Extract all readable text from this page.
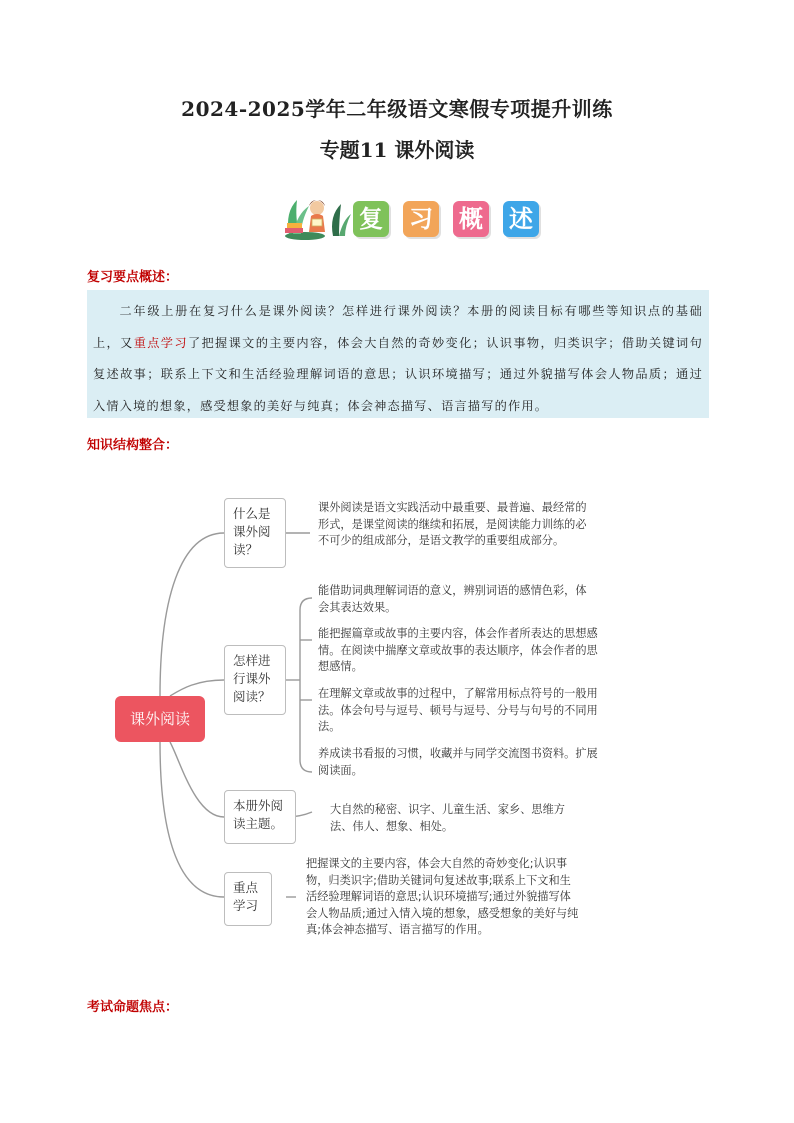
2024-2025学年二年级语文寒假专项提升训练
专题11 课外阅读
复 习 概 述
复习要点概述：
二年级上册在复习什么是课外阅读？怎样进行课外阅读？本册的阅读目标有哪些等知识点的基础上，又重点学习了把握课文的主要内容，体会大自然的奇妙变化；认识事物，归类识字；借助关键词句复述故事；联系上下文和生活经验理解词语的意思；认识环境描写；通过外貌描写体会人物品质；通过入情入境的想象，感受想象的美好与纯真；体会神态描写、语言描写的作用。
知识结构整合：
课外阅读
什么是课外阅读？
怎样进行课外阅读？
本册外阅读主题。
重点学习
课外阅读是语文实践活动中最重要、最普遍、最经常的形式，是课堂阅读的继续和拓展，是阅读能力训练的必不可少的组成部分，是语文教学的重要组成部分。
能借助词典理解词语的意义，辨别词语的感情色彩，体会其表达效果。
能把握篇章或故事的主要内容，体会作者所表达的思想感情。在阅读中揣摩文章或故事的表达顺序，体会作者的思想感情。
在理解文章或故事的过程中，了解常用标点符号的一般用法。体会句号与逗号、顿号与逗号、分号与句号的不同用法。
养成读书看报的习惯，收藏并与同学交流图书资料。扩展阅读面。
大自然的秘密、识字、儿童生活、家乡、思维方法、伟人、想象、相处。
把握课文的主要内容，体会大自然的奇妙变化;认识事物，归类识字;借助关键词句复述故事;联系上下文和生活经验理解词语的意思;认识环境描写;通过外貌描写体会人物品质;通过入情入境的想象，感受想象的美好与纯真;体会神态描写、语言描写的作用。
考试命题焦点：
